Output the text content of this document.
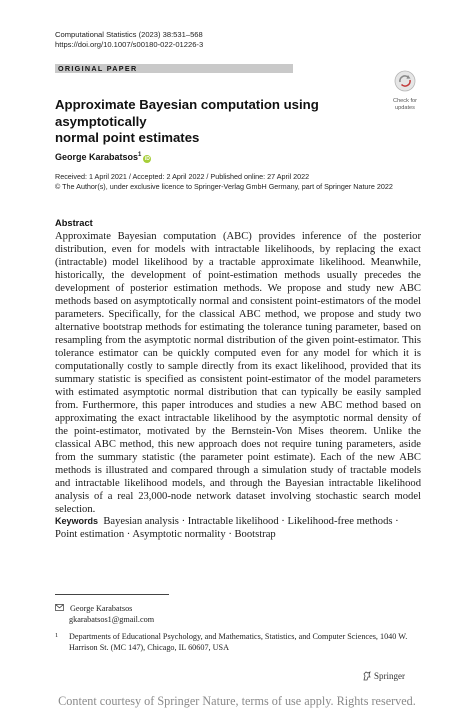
Computational Statistics (2023) 38:531–568
https://doi.org/10.1007/s00180-022-01226-3
ORIGINAL PAPER
Check for
updates
Approximate Bayesian computation using asymptotically
normal point estimates
George Karabatsos$^1$iD
Received: 1 April 2021 / Accepted: 2 April 2022 / Published online: 27 April 2022
© The Author(s), under exclusive licence to Springer-Verlag GmbH Germany, part of Springer Nature 2022
Abstract
Approximate Bayesian computation (ABC) provides inference of the posterior distribution, even for models with intractable likelihoods, by replacing the exact (intractable) model likelihood by a tractable approximate likelihood. Meanwhile, historically, the development of point-estimation methods usually precedes the development of posterior estimation methods. We propose and study new ABC methods based on asymptotically normal and consistent point-estimators of the model parameters. Specifically, for the classical ABC method, we propose and study two alternative bootstrap methods for estimating the tolerance tuning parameter, based on resampling from the asymptotic normal distribution of the given point-estimator. This tolerance estimator can be quickly computed even for any model for which it is computationally costly to sample directly from its exact likelihood, provided that its summary statistic is specified as consistent point-estimator of the model parameters with estimated asymptotic normal distribution that can typically be easily sampled from. Furthermore, this paper introduces and studies a new ABC method based on approximating the exact intractable likelihood by the asymptotic normal density of the point-estimator, motivated by the Bernstein-Von Mises theorem. Unlike the classical ABC method, this new approach does not require tuning parameters, aside from the summary statistic (the parameter point estimate). Each of the new ABC methods is illustrated and compared through a simulation study of tractable models and intractable likelihood models, and through the Bayesian intractable likelihood analysis of a real 23,000-node network dataset involving stochastic search model selection.
Keywords Bayesian analysis · Intractable likelihood · Likelihood-free methods · Point estimation · Asymptotic normality · Bootstrap
George Karabatsos
gkarabatsos1@gmail.com
1 Departments of Educational Psychology, and Mathematics, Statistics, and Computer Sciences, 1040 W. Harrison St. (MC 147), Chicago, IL 60607, USA
Springer
Content courtesy of Springer Nature, terms of use apply. Rights reserved.
